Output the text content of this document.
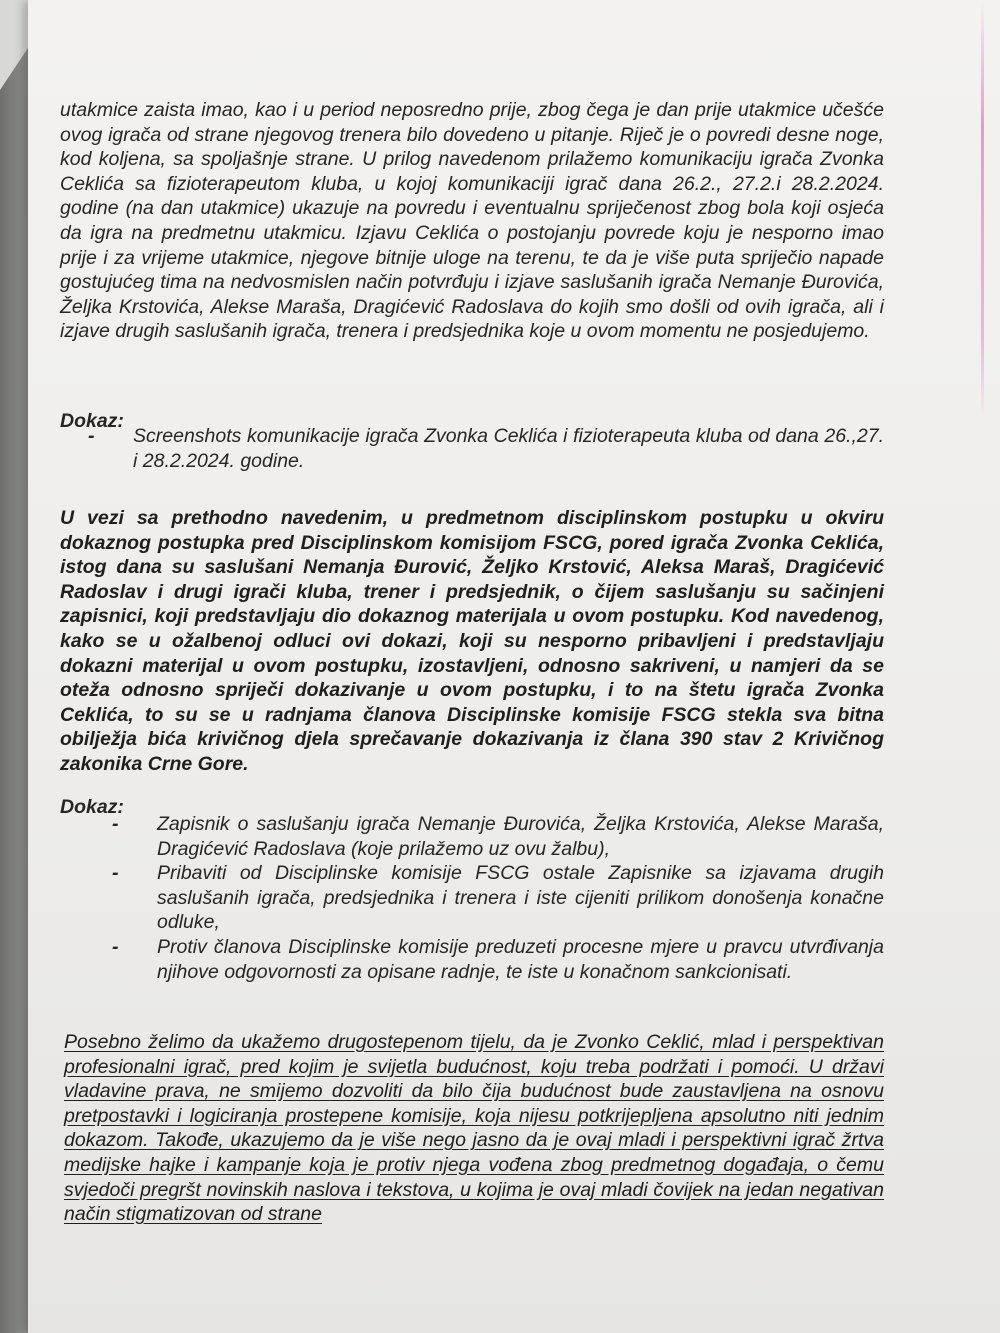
utakmice zaista imao, kao i u period neposredno prije, zbog čega je dan prije utakmice učešće ovog igrača od strane njegovog trenera bilo dovedeno u pitanje. Riječ je o povredi desne noge, kod koljena, sa spoljašnje strane. U prilog navedenom prilažemo komunikaciju igrača Zvonka Ceklića sa fizioterapeutom kluba, u kojoj komunikaciji igrač dana 26.2., 27.2.i 28.2.2024. godine (na dan utakmice) ukazuje na povredu i eventualnu spriječenost zbog bola koji osjeća da igra na predmetnu utakmicu. Izjavu Ceklića o postojanju povrede koju je nesporno imao prije i za vrijeme utakmice, njegove bitnije uloge na terenu, te da je više puta spriječio napade gostujućeg tima na nedvosmislen način potvrđuju i izjave saslušanih igrača Nemanje Đurovića, Željka Krstovića, Alekse Maraša, Dragićević Radoslava do kojih smo došli od ovih igrača, ali i izjave drugih saslušanih igrača, trenera i predsjednika koje u ovom momentu ne posjedujemo.
Dokaz:
- Screenshots komunikacije igrača Zvonka Ceklića i fizioterapeuta kluba od dana 26.,27. i 28.2.2024. godine.
U vezi sa prethodno navedenim, u predmetnom disciplinskom postupku u okviru dokaznog postupka pred Disciplinskom komisijom FSCG, pored igrača Zvonka Ceklića, istog dana su saslušani Nemanja Đurović, Željko Krstović, Aleksa Maraš, Dragićević Radoslav i drugi igrači kluba, trener i predsjednik, o čijem saslušanju su sačinjeni zapisnici, koji predstavljaju dio dokaznog materijala u ovom postupku. Kod navedenog, kako se u ožalbenoj odluci ovi dokazi, koji su nesporno pribavljeni i predstavljaju dokazni materijal u ovom postupku, izostavljeni, odnosno sakriveni, u namjeri da se oteža odnosno spriječi dokazivanje u ovom postupku, i to na štetu igrača Zvonka Ceklića, to su se u radnjama članova Disciplinske komisije FSCG stekla sva bitna obilježja bića krivičnog djela sprečavanje dokazivanja iz člana 390 stav 2 Krivičnog zakonika Crne Gore.
Dokaz:
- Zapisnik o saslušanju igrača Nemanje Đurovića, Željka Krstovića, Alekse Maraša, Dragićević Radoslava (koje prilažemo uz ovu žalbu),
- Pribaviti od Disciplinske komisije FSCG ostale Zapisnike sa izjavama drugih saslušanih igrača, predsjednika i trenera i iste cijeniti prilikom donošenja konačne odluke,
- Protiv članova Disciplinske komisije preduzeti procesne mjere u pravcu utvrđivanja njihove odgovornosti za opisane radnje, te iste u konačnom sankcionisati.
Posebno želimo da ukažemo drugostepenom tijelu, da je Zvonko Ceklić, mlad i perspektivan profesionalni igrač, pred kojim je svijetla budućnost, koju treba podržati i pomoći. U državi vladavine prava, ne smijemo dozvoliti da bilo čija budućnost bude zaustavljena na osnovu pretpostavki i logiciranja prostepene komisije, koja nijesu potkrijepljena apsolutno niti jednim dokazom. Takođe, ukazujemo da je više nego jasno da je ovaj mladi i perspektivni igrač žrtva medijske hajke i kampanje koja je protiv njega vođena zbog predmetnog događaja, o čemu svjedoči pregršt novinskih naslova i tekstova, u kojima je ovaj mladi čovijek na jedan negativan način stigmatizovan od strane
